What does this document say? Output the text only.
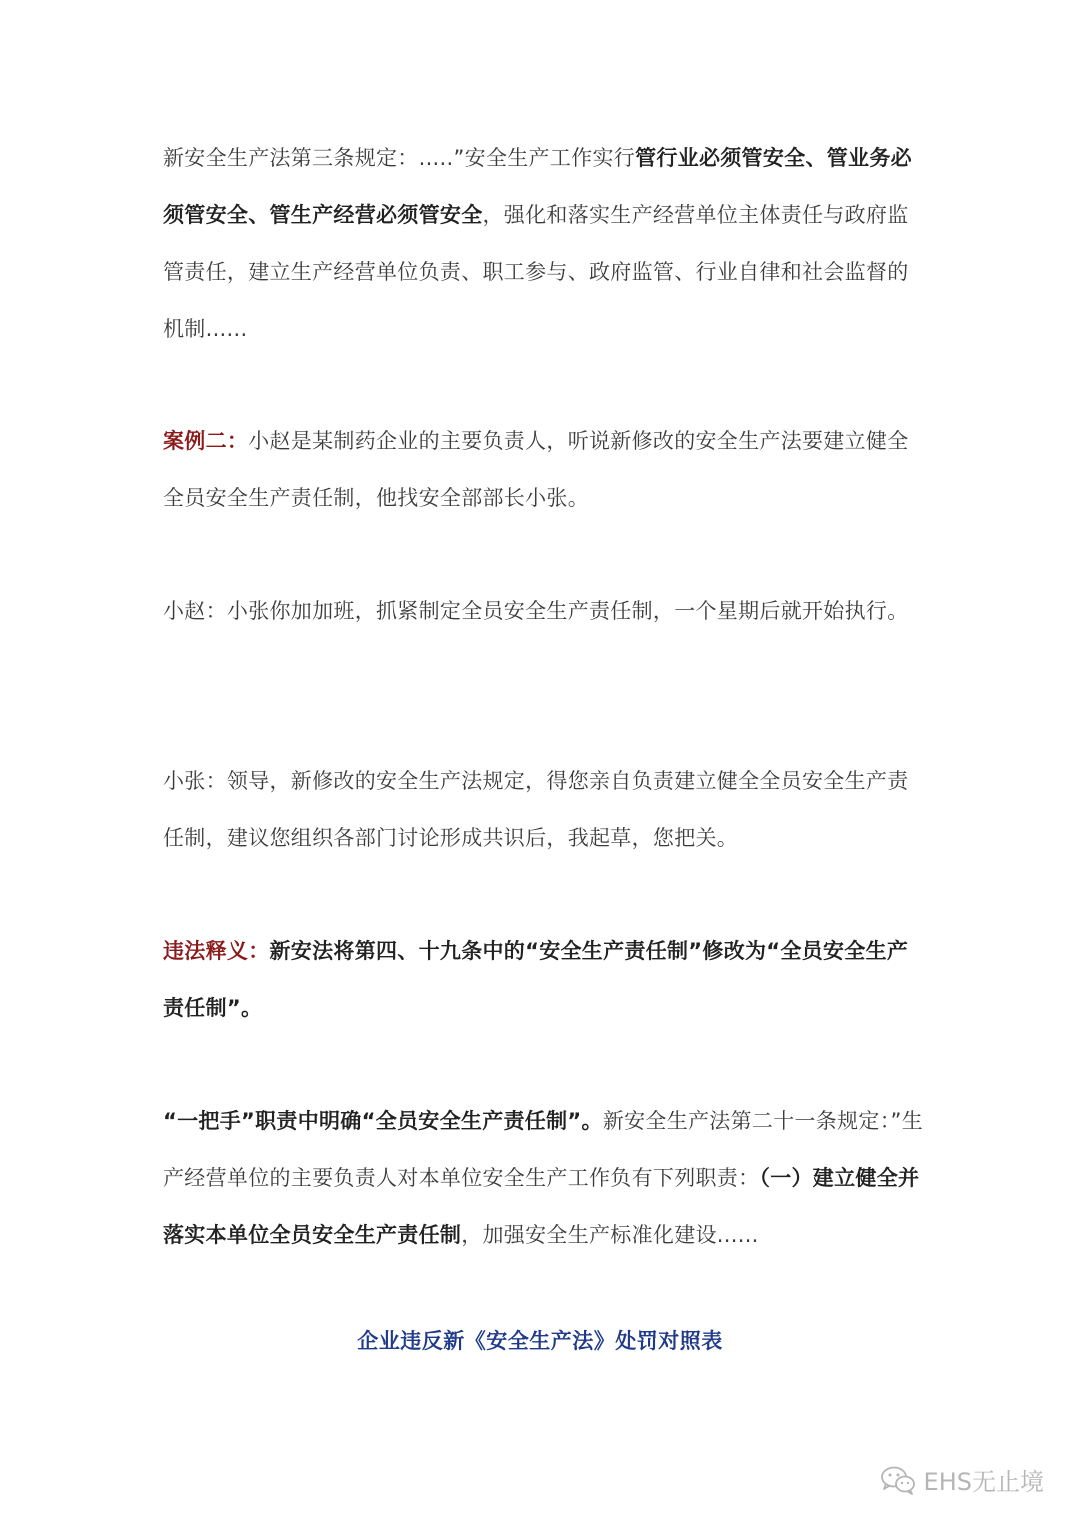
新安全生产法第三条规定：.....”安全生产工作实行管行业必须管安全、管业务必须管安全、管生产经营必须管安全，强化和落实生产经营单位主体责任与政府监管责任，建立生产经营单位负责、职工参与、政府监管、行业自律和社会监督的机制......

案例二：小赵是某制药企业的主要负责人，听说新修改的安全生产法要建立健全全员安全生产责任制，他找安全部部长小张。

小赵：小张你加加班，抓紧制定全员安全生产责任制，一个星期后就开始执行。

小张：领导，新修改的安全生产法规定，得您亲自负责建立健全全员安全生产责任制，建议您组织各部门讨论形成共识后，我起草，您把关。

违法释义：新安法将第四、十九条中的“安全生产责任制”修改为“全员安全生产责任制”。

“一把手”职责中明确“全员安全生产责任制”。新安全生产法第二十一条规定：”生产经营单位的主要负责人对本单位安全生产工作负有下列职责：（一）建立健全并落实本单位全员安全生产责任制，加强安全生产标准化建设......

企业违反新《安全生产法》处罚对照表
EHS无止境
